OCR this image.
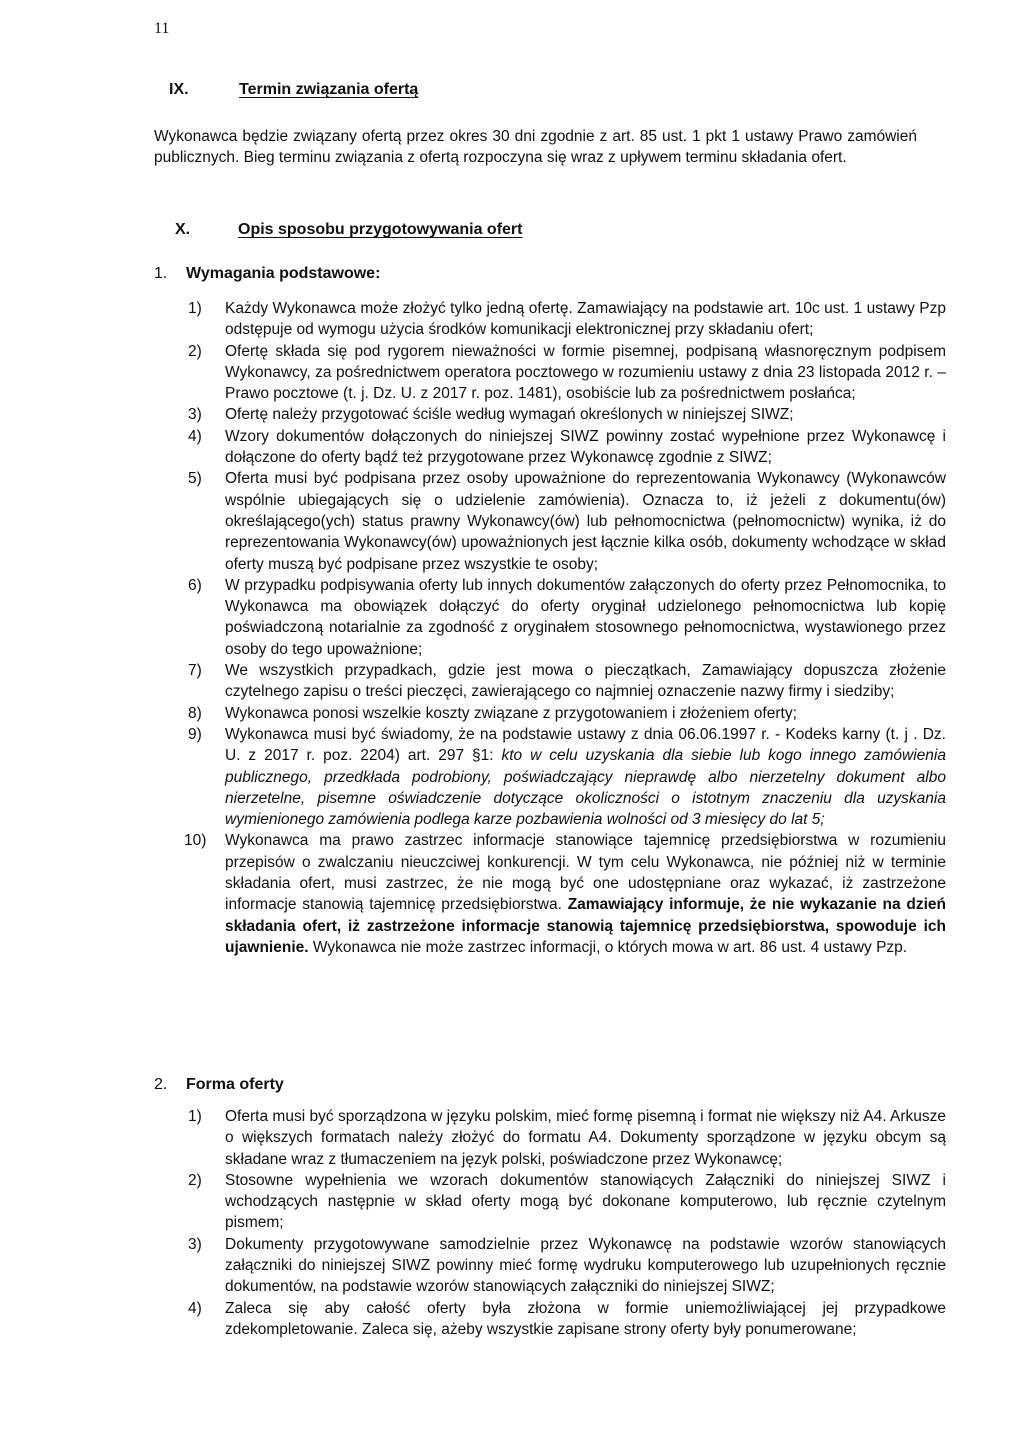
11
IX.	Termin związania ofertą
Wykonawca będzie związany ofertą przez okres 30 dni zgodnie z art. 85 ust. 1 pkt 1 ustawy Prawo zamówień publicznych. Bieg terminu związania z ofertą rozpoczyna się wraz z upływem terminu składania ofert.
X.	Opis sposobu przygotowywania ofert
1. Wymagania podstawowe:
1) Każdy Wykonawca może złożyć tylko jedną ofertę. Zamawiający na podstawie art. 10c ust. 1 ustawy Pzp odstępuje od wymogu użycia środków komunikacji elektronicznej przy składaniu ofert;
2) Ofertę składa się pod rygorem nieważności w formie pisemnej, podpisaną własnoręcznym podpisem Wykonawcy, za pośrednictwem operatora pocztowego w rozumieniu ustawy z dnia 23 listopada 2012 r. – Prawo pocztowe (t. j. Dz. U. z 2017 r. poz. 1481), osobiście lub za pośrednictwem posłańca;
3) Ofertę należy przygotować ściśle według wymagań określonych w niniejszej SIWZ;
4) Wzory dokumentów dołączonych do niniejszej SIWZ powinny zostać wypełnione przez Wykonawcę i dołączone do oferty bądź też przygotowane przez Wykonawcę zgodnie z SIWZ;
5) Oferta musi być podpisana przez osoby upoważnione do reprezentowania Wykonawcy (Wykonawców wspólnie ubiegających się o udzielenie zamówienia). Oznacza to, iż jeżeli z dokumentu(ów) określającego(ych) status prawny Wykonawcy(ów) lub pełnomocnictwa (pełnomocnictw) wynika, iż do reprezentowania Wykonawcy(ów) upoważnionych jest łącznie kilka osób, dokumenty wchodzące w skład oferty muszą być podpisane przez wszystkie te osoby;
6) W przypadku podpisywania oferty lub innych dokumentów załączonych do oferty przez Pełnomocnika, to Wykonawca ma obowiązek dołączyć do oferty oryginał udzielonego pełnomocnictwa lub kopię poświadczoną notarialnie za zgodność z oryginałem stosownego pełnomocnictwa, wystawionego przez osoby do tego upoważnione;
7) We wszystkich przypadkach, gdzie jest mowa o pieczątkach, Zamawiający dopuszcza złożenie czytelnego zapisu o treści pieczęci, zawierającego co najmniej oznaczenie nazwy firmy i siedziby;
8) Wykonawca ponosi wszelkie koszty związane z przygotowaniem i złożeniem oferty;
9) Wykonawca musi być świadomy, że na podstawie ustawy z dnia 06.06.1997 r. - Kodeks karny (t. j . Dz. U. z 2017 r. poz. 2204) art. 297 §1: kto w celu uzyskania dla siebie lub kogo innego zamówienia publicznego, przedkłada podrobiony, poświadczający nieprawdę albo nierzetelny dokument albo nierzetelne, pisemne oświadczenie dotyczące okoliczności o istotnym znaczeniu dla uzyskania wymienionego zamówienia podlega karze pozbawienia wolności od 3 miesięcy do lat 5;
10) Wykonawca ma prawo zastrzec informacje stanowiące tajemnicę przedsiębiorstwa w rozumieniu przepisów o zwalczaniu nieuczciwej konkurencji. W tym celu Wykonawca, nie później niż w terminie składania ofert, musi zastrzec, że nie mogą być one udostępniane oraz wykazać, iż zastrzeżone informacje stanowią tajemnicę przedsiębiorstwa. Zamawiający informuje, że nie wykazanie na dzień składania ofert, iż zastrzeżone informacje stanowią tajemnicę przedsiębiorstwa, spowoduje ich ujawnienie. Wykonawca nie może zastrzec informacji, o których mowa w art. 86 ust. 4 ustawy Pzp.
2. Forma oferty
1) Oferta musi być sporządzona w języku polskim, mieć formę pisemną i format nie większy niż A4. Arkusze o większych formatach należy złożyć do formatu A4. Dokumenty sporządzone w języku obcym są składane wraz z tłumaczeniem na język polski, poświadczone przez Wykonawcę;
2) Stosowne wypełnienia we wzorach dokumentów stanowiących Załączniki do niniejszej SIWZ i wchodzących następnie w skład oferty mogą być dokonane komputerowo, lub ręcznie czytelnym pismem;
3) Dokumenty przygotowywane samodzielnie przez Wykonawcę na podstawie wzorów stanowiących załączniki do niniejszej SIWZ powinny mieć formę wydruku komputerowego lub uzupełnionych ręcznie dokumentów, na podstawie wzorów stanowiących załączniki do niniejszej SIWZ;
4) Zaleca się aby całość oferty była złożona w formie uniemożliwiającej jej przypadkowe zdekompletowanie. Zaleca się, ażeby wszystkie zapisane strony oferty były ponumerowane;
